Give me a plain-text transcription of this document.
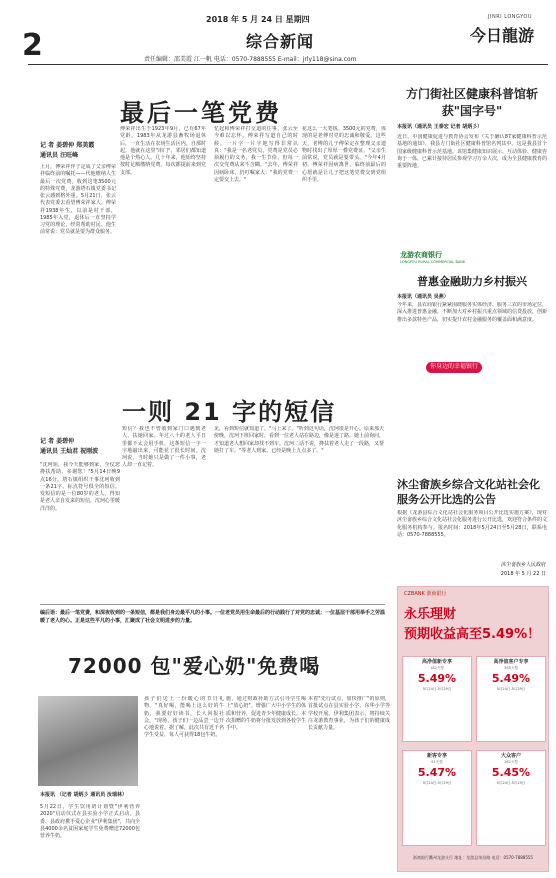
2
2018 年 5 月 24 日 星期四
综合新闻
JINRI LONGYOU
今日龍游
责任编辑：邵美霞 江一帆 电话：0570-7888555 E-mail：jrly118@sina.com
最后一笔党费
记 者 姜碧仲 郑美霞
通讯员 汪旺峰
上月，傅荣祥伴子定成了父亲傅荣祥临终前的嘱托——代他缴纳人生最后一次党费。收到这笔3500元的特殊党费，龙游塔石镇党委书记张云感到格外重。5月21日，张云代表党委去看望傅荣祥家人。傅荣祥1938年生，以前是村干部，1985年入党，退休后一直坚持学习党的理论，经常帮助村民。他生前常说：党员就是要为群众服务。
傅荣祥出生于1923年9月，已有67年党龄。1983年从龙游县畜牧场退休后，一直生活在农场生活区内。自那时起，他就在这里"串门"，邻居们都知道他是个热心人。几十年来，他始终坚持按时足额缴纳党费，每次都提前来到党支部。
忆起和傅荣祥打交道的往事，张云至今难以忘怀。傅荣祥写道自己的时候，一片字一片字地写得非常认真："我是一名老党员，党费是党员必须履行的义务。我一生节俭，但每一次交党费从来不含糊。"去年，傅荣祥因病卧床，仍叮嘱家人："我的党费一定要交上去。"
花这么一大笔钱。3500元的党费，体现的是老傅对党的忠诚和敬爱。这些天，老傅的儿子傅荣定在整理父亲遗物时找出了厚厚一叠党费证。"父亲生前常说，党员就是要带头。"今年4月初，傅荣祥因病离世，临终前最后的心愿就是让儿子把这笔党费交到党组织手里。
一则 21 字的短信
记 者 姜碧仲
通讯员 王灿君 祝刚波
"沈珂姐，我今天能够到家，全仗您搀扶帮助，多谢您！"5月14日晚9点16分，塔石镇组织干事沈珂收到一条21字、标点符号俱全的短信。发短信的是一位80岁的老人。得知是老人亲自发来的短信，沈珂心里暖洋洋的。
短信？我也不曾收到家门口遇到老人，扶她回家。年过八十的老人平日里都不太会用手机，这条短信一字一字地敲出来，可能花了很长时间。沈珂说，当时她只是做了一件小事，老人却一直记着。
见，看到短信就知道了。"马上来了。"听到这句话，沈珂很是开心。原来那天傍晚，沈珂下班回家时，看到一位老人站在路边，像是迷了路。她上前询问，才知道老人想回家却找不到车。沈珂二话不说，搀扶着老人走了一段路，又帮她打了车。"等老人到家，已经是晚上九点多了。"
编后语：最后一笔党费，和深夜收到的一条短信，都是我们身边最平凡的小事。一位老党员用生命最后的行动践行了对党的忠诚；一位基层干部用举手之劳温暖了老人的心。正是这些平凡的小事，汇聚成了社会文明进步的力量。
72000 包"爱心奶"免费喝
本报讯 （记者 胡炳彡 通讯员 汝瑞林）
5月22日，学生饮用奶计划暨"伊利营养2020"启动仪式在县实验小学正式启动。县委、县政府携手爱心企业"伊利集团"，共向全县4000余名贫困家庭学生免费赠送72000包营养牛奶。
孩子们送上一份暖心的节日礼物。"真好喝，能喝上这么好的牛奶，我要好好读书，长大回报社会。"现场，孩子们一边品尝一边开心地说着。据了解，此次共有近千名学生受益，每人可获得18包牛奶。
施，通过财政补助方式引导学生喝上"放心奶"。增强广大中小学生的体质和营养，促进青少年健康成长。本次捐赠的牛奶将分批发放到各校学生手中。
本着"先行试点，加快推广"的原则，首批试点在县实验小学、东华小学等学校开展。伊利集团表示，将持续关注龙游教育事业，为孩子们的健康成长贡献力量。
方门街社区健康科普馆斩获"国字号"
本报讯（通讯员 王泰宏 记者 胡炳彡）
近日，中国健康促进与教育协会发布《关于确认87家健康科普示范基地的通知》，我县方门街社区健康科普馆名列其中。这是我县首个国家级健康科普示范基地。该馆集健康知识展示、互动体验、健康咨询于一体，已累计接待居民参观学习万余人次，成为全县健康教育的重要阵地。
龙游农商银行
LONGYOU RURAL COMMERCIAL BANK
普惠金融助力乡村振兴
本报讯（通讯员 吴燕）
今年来，县农商银行紧紧围绕服务实体经济、服务三农的市场定位，深入推进普惠金融，不断加大对乡村振兴重点领域的信贷投放，创新推出多款特色产品，切实提升农村金融服务的覆盖面和满意度。
你身边的幸福银行
沐尘畲族乡综合文化站社会化服务公开比选的公告
根据《龙游县综合文化站社会化服务项目公开比选实施方案》，现对沐尘畲族乡综合文化站社会化服务进行公开比选，欢迎符合条件的文化服务机构参与。报名时间：2018年5月24日至5月28日，联系电话：0570-7888555。
沐尘畲族乡人民政府
2018 年 5 月 22 日
CZBANK 浙商银行
永乐理财
预期收益高至5.49%！
高净值新专享
182天型
5.49%
5月24日-5月29日
高净值客户专享
365天型
5.49%
5月24日-5月29日
新客专享
91天型
5.47%
5月24日-5月29日
大众客户
182天型
5.45%
5月24日-5月29日
浙商银行衢州龙游支行 地址：龙游县荣昌路 电话：0570-7888555
